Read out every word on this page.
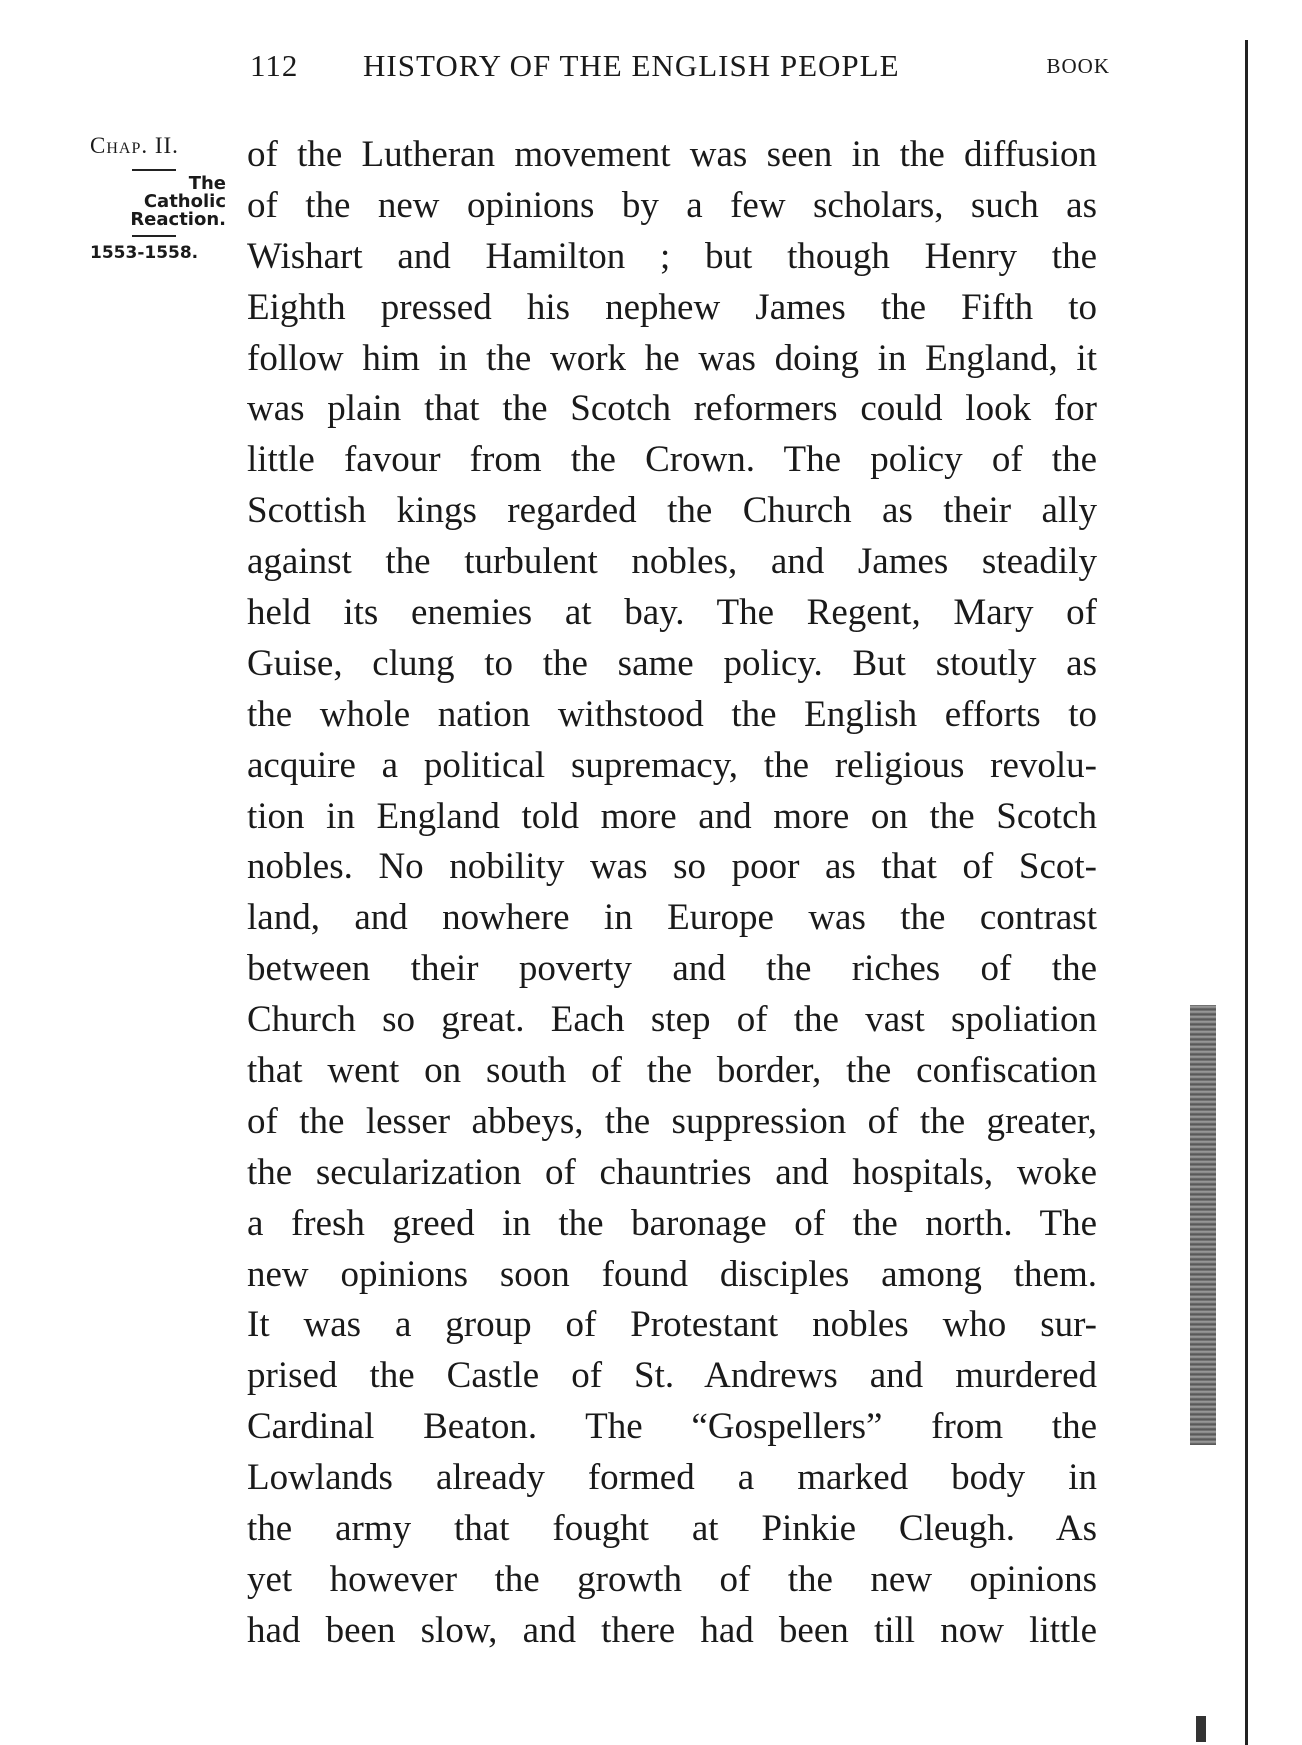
112 HISTORY OF THE ENGLISH PEOPLE	BOOK
Chap. II.
The
Catholic
Reaction.
1553-1558.
of the Lutheran movement was seen in the diffusion
of the new opinions by a few scholars, such as
Wishart and Hamilton ; but though Henry the
Eighth pressed his nephew James the Fifth to
follow him in the work he was doing in England, it
was plain that the Scotch reformers could look for
little favour from the Crown. The policy of the
Scottish kings regarded the Church as their ally
against the turbulent nobles, and James steadily
held its enemies at bay. The Regent, Mary of
Guise, clung to the same policy. But stoutly as
the whole nation withstood the English efforts to
acquire a political supremacy, the religious revolu-
tion in England told more and more on the Scotch
nobles. No nobility was so poor as that of Scot-
land, and nowhere in Europe was the contrast
between their poverty and the riches of the
Church so great. Each step of the vast spoliation
that went on south of the border, the confiscation
of the lesser abbeys, the suppression of the greater,
the secularization of chauntries and hospitals, woke
a fresh greed in the baronage of the north. The
new opinions soon found disciples among them.
It was a group of Protestant nobles who sur-
prised the Castle of St. Andrews and murdered
Cardinal Beaton. The “Gospellers” from the
Lowlands already formed a marked body in
the army that fought at Pinkie Cleugh. As
yet however the growth of the new opinions
had been slow, and there had been till now little
